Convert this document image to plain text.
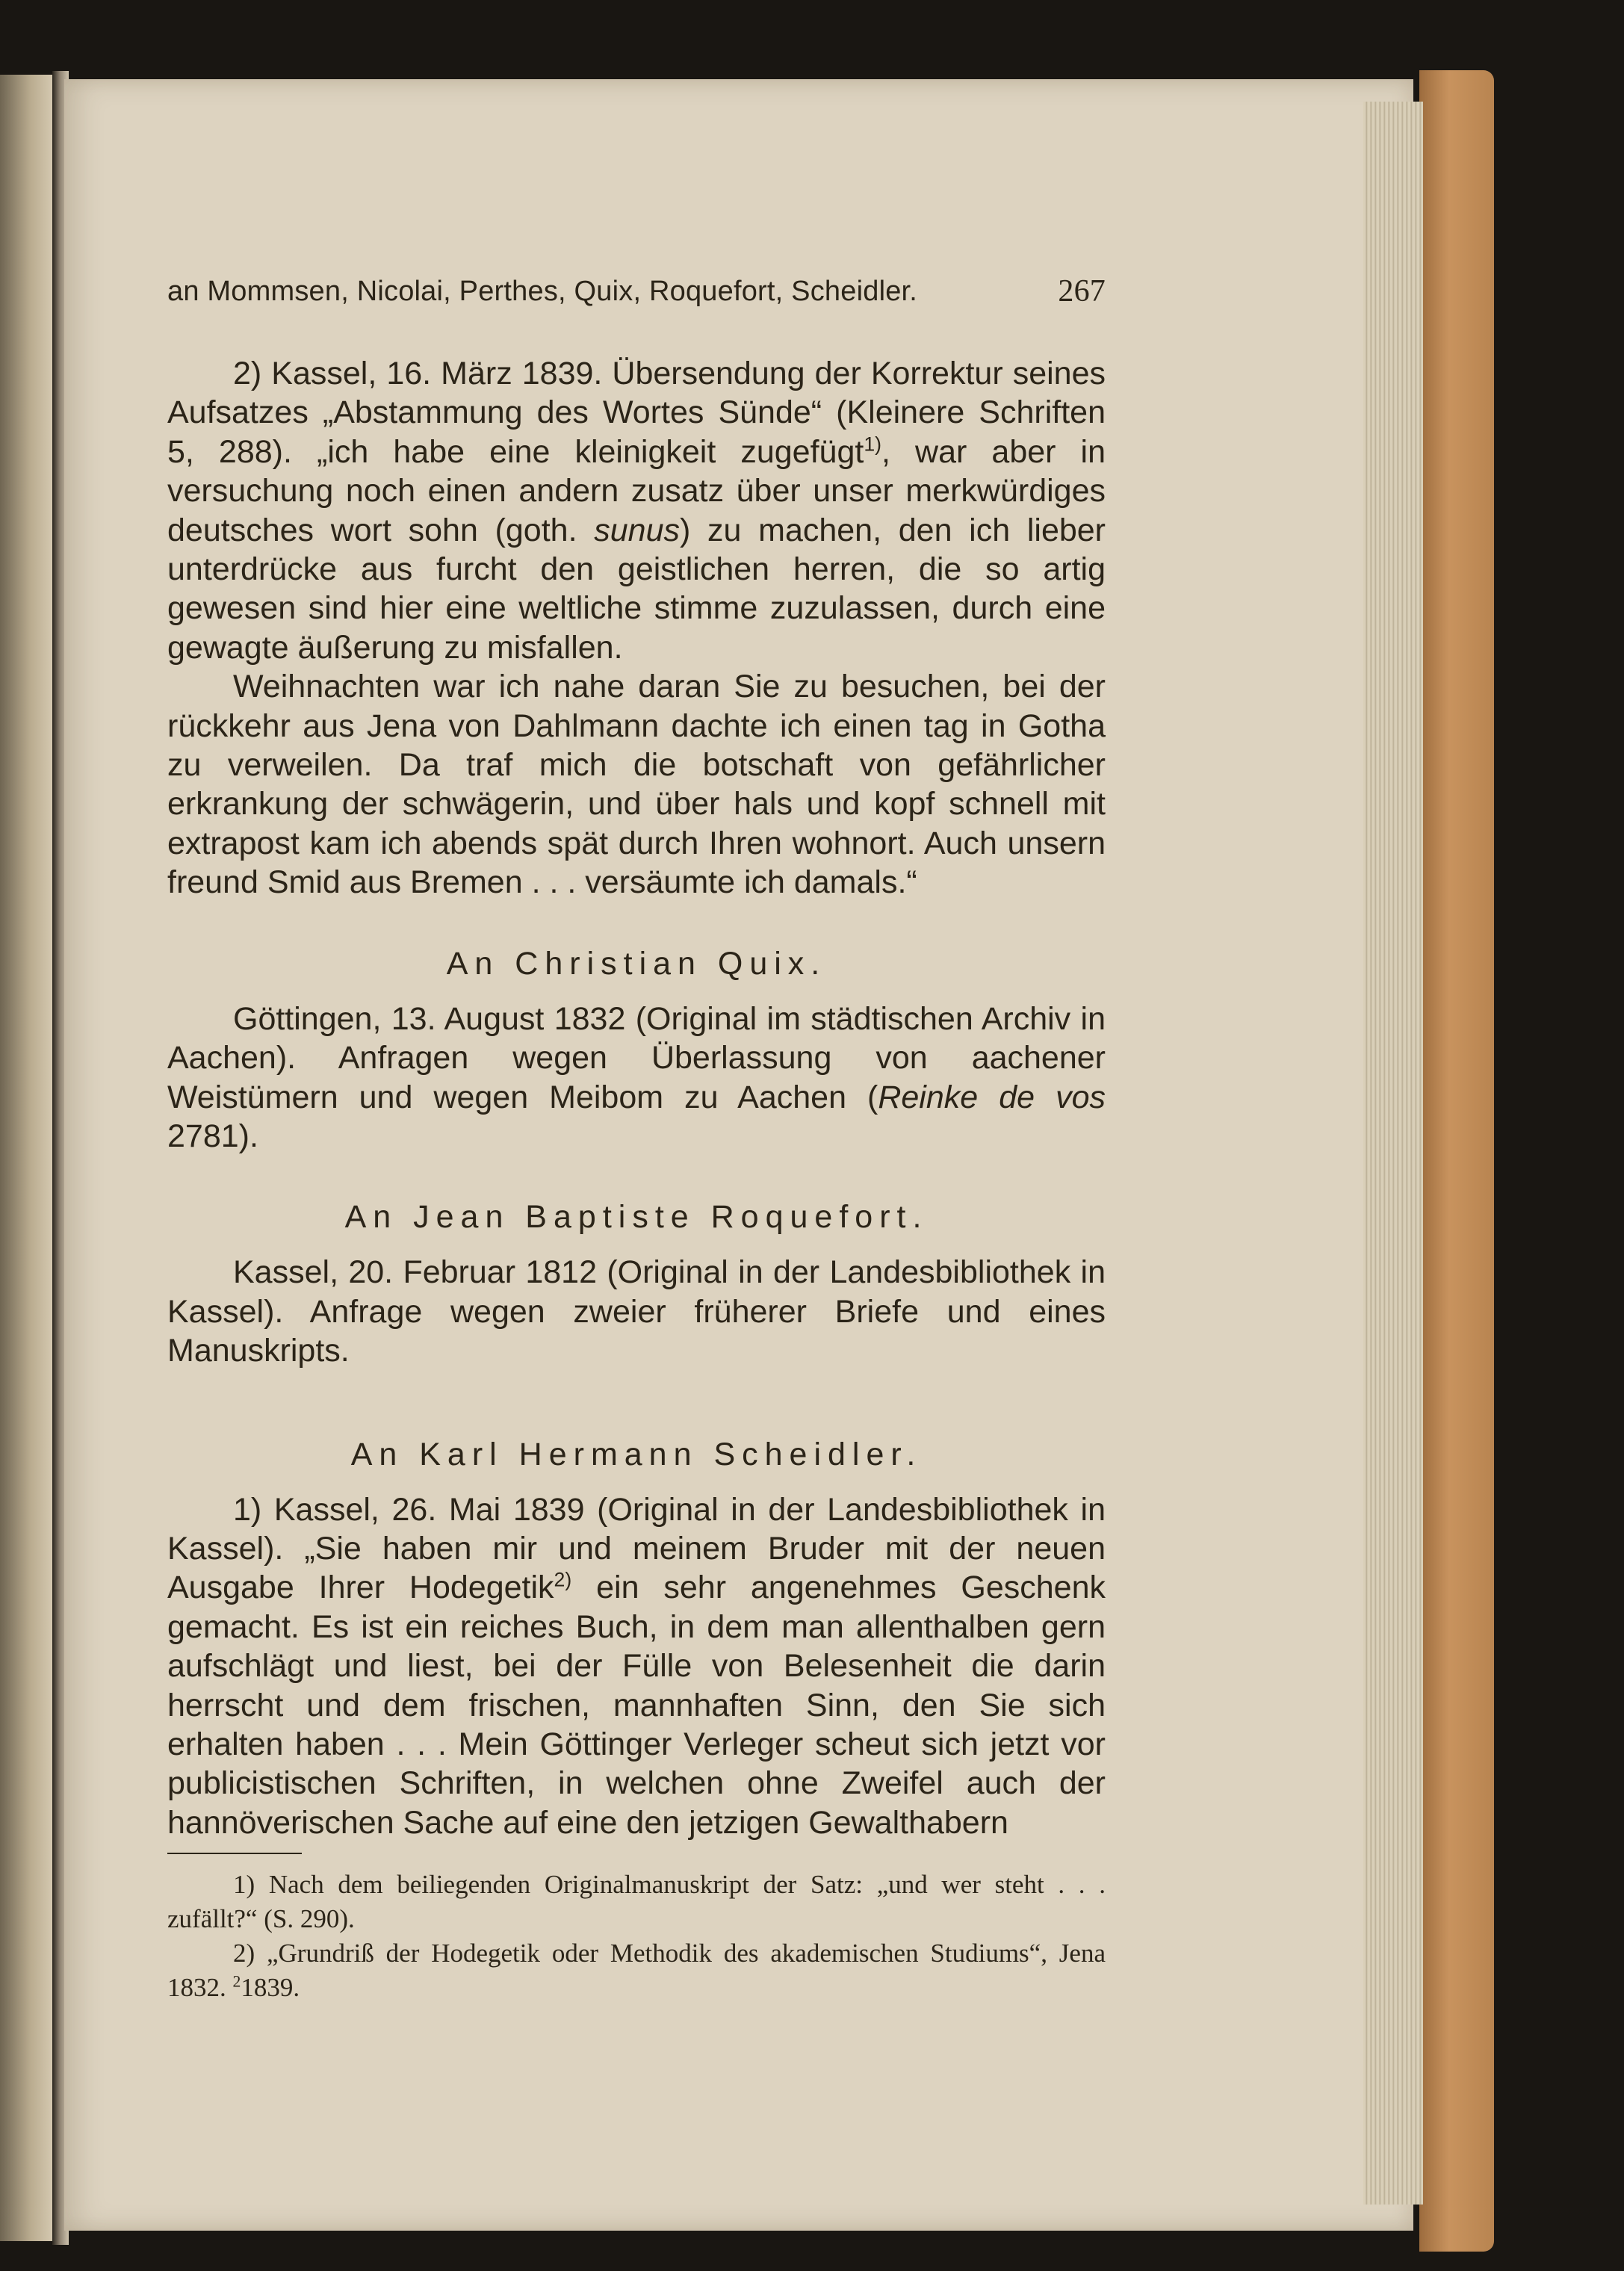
an Mommsen, Nicolai, Perthes, Quix, Roquefort, Scheidler.	267

2) Kassel, 16. März 1839. Übersendung der Korrektur seines Aufsatzes „Abstammung des Wortes Sünde“ (Kleinere Schriften 5, 288). „ich habe eine kleinigkeit zugefügt$^{1)}$, war aber in versuchung noch einen andern zusatz über unser merkwürdiges deutsches wort sohn (goth. sunus) zu machen, den ich lieber unterdrücke aus furcht den geistlichen herren, die so artig gewesen sind hier eine weltliche stimme zuzulassen, durch eine gewagte äußerung zu misfallen.

Weihnachten war ich nahe daran Sie zu besuchen, bei der rückkehr aus Jena von Dahlmann dachte ich einen tag in Gotha zu verweilen. Da traf mich die botschaft von gefährlicher erkrankung der schwägerin, und über hals und kopf schnell mit extrapost kam ich abends spät durch Ihren wohnort. Auch unsern freund Smid aus Bremen . . . versäumte ich damals.“

An Christian Quix.

Göttingen, 13. August 1832 (Original im städtischen Archiv in Aachen). Anfragen wegen Überlassung von aachener Weistümern und wegen Meibom zu Aachen (Reinke de vos 2781).

An Jean Baptiste Roquefort.

Kassel, 20. Februar 1812 (Original in der Landesbibliothek in Kassel). Anfrage wegen zweier früherer Briefe und eines Manuskripts.

An Karl Hermann Scheidler.

1) Kassel, 26. Mai 1839 (Original in der Landesbibliothek in Kassel). „Sie haben mir und meinem Bruder mit der neuen Ausgabe Ihrer Hodegetik$^{2)}$ ein sehr angenehmes Geschenk gemacht. Es ist ein reiches Buch, in dem man allenthalben gern aufschlägt und liest, bei der Fülle von Belesenheit die darin herrscht und dem frischen, mannhaften Sinn, den Sie sich erhalten haben . . . Mein Göttinger Verleger scheut sich jetzt vor publicistischen Schriften, in welchen ohne Zweifel auch der hannöverischen Sache auf eine den jetzigen Gewalthabern

1) Nach dem beiliegenden Originalmanuskript der Satz: „und wer steht . . . zufällt?“ (S. 290).

2) „Grundriß der Hodegetik oder Methodik des akademischen Studiums“, Jena 1832. $^2$1839.
